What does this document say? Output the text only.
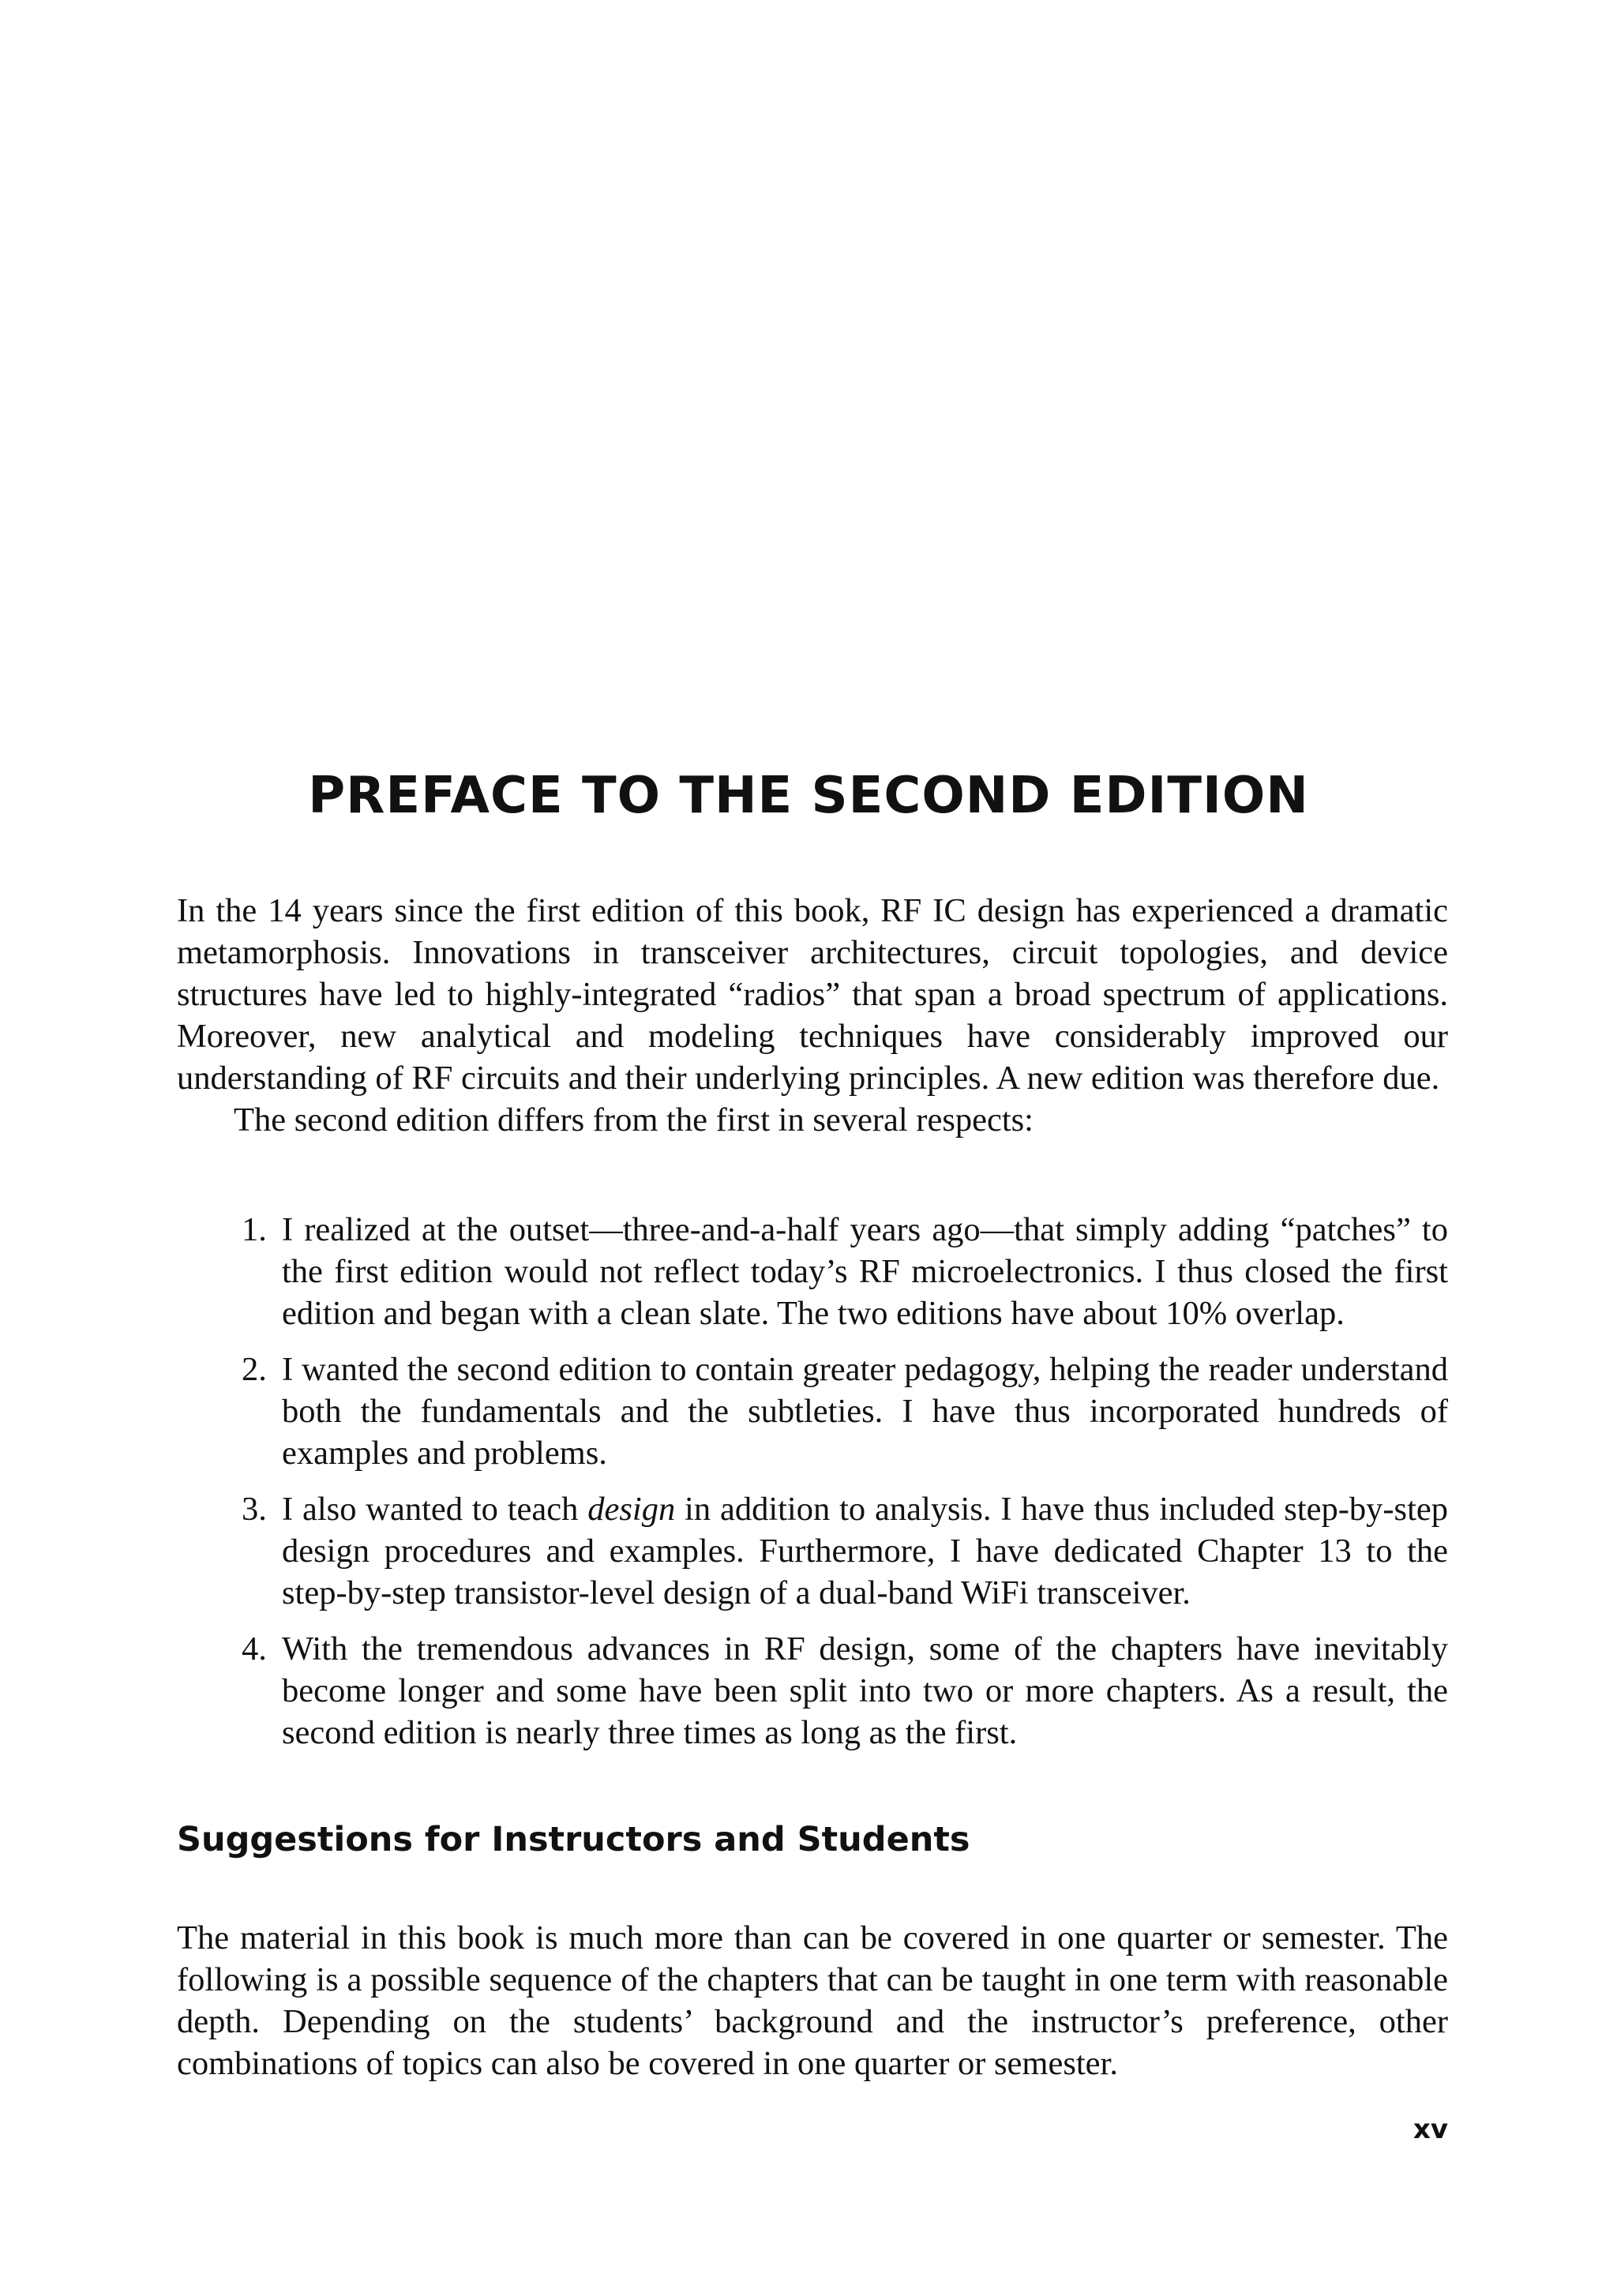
PREFACE TO THE SECOND EDITION

In the 14 years since the first edition of this book, RF IC design has experienced a dramatic metamorphosis. Innovations in transceiver architectures, circuit topologies, and device structures have led to highly-integrated “radios” that span a broad spectrum of applications. Moreover, new analytical and modeling techniques have considerably improved our understanding of RF circuits and their underlying principles. A new edition was therefore due.

The second edition differs from the first in several respects:

1. I realized at the outset—three-and-a-half years ago—that simply adding “patches” to the first edition would not reflect today’s RF microelectronics. I thus closed the first edition and began with a clean slate. The two editions have about 10% overlap.
2. I wanted the second edition to contain greater pedagogy, helping the reader understand both the fundamentals and the subtleties. I have thus incorporated hundreds of examples and problems.
3. I also wanted to teach design in addition to analysis. I have thus included step-by-step design procedures and examples. Furthermore, I have dedicated Chapter 13 to the step-by-step transistor-level design of a dual-band WiFi transceiver.
4. With the tremendous advances in RF design, some of the chapters have inevitably become longer and some have been split into two or more chapters. As a result, the second edition is nearly three times as long as the first.
Suggestions for Instructors and Students

The material in this book is much more than can be covered in one quarter or semester. The following is a possible sequence of the chapters that can be taught in one term with reasonable depth. Depending on the students’ background and the instructor’s preference, other combinations of topics can also be covered in one quarter or semester.

xv
